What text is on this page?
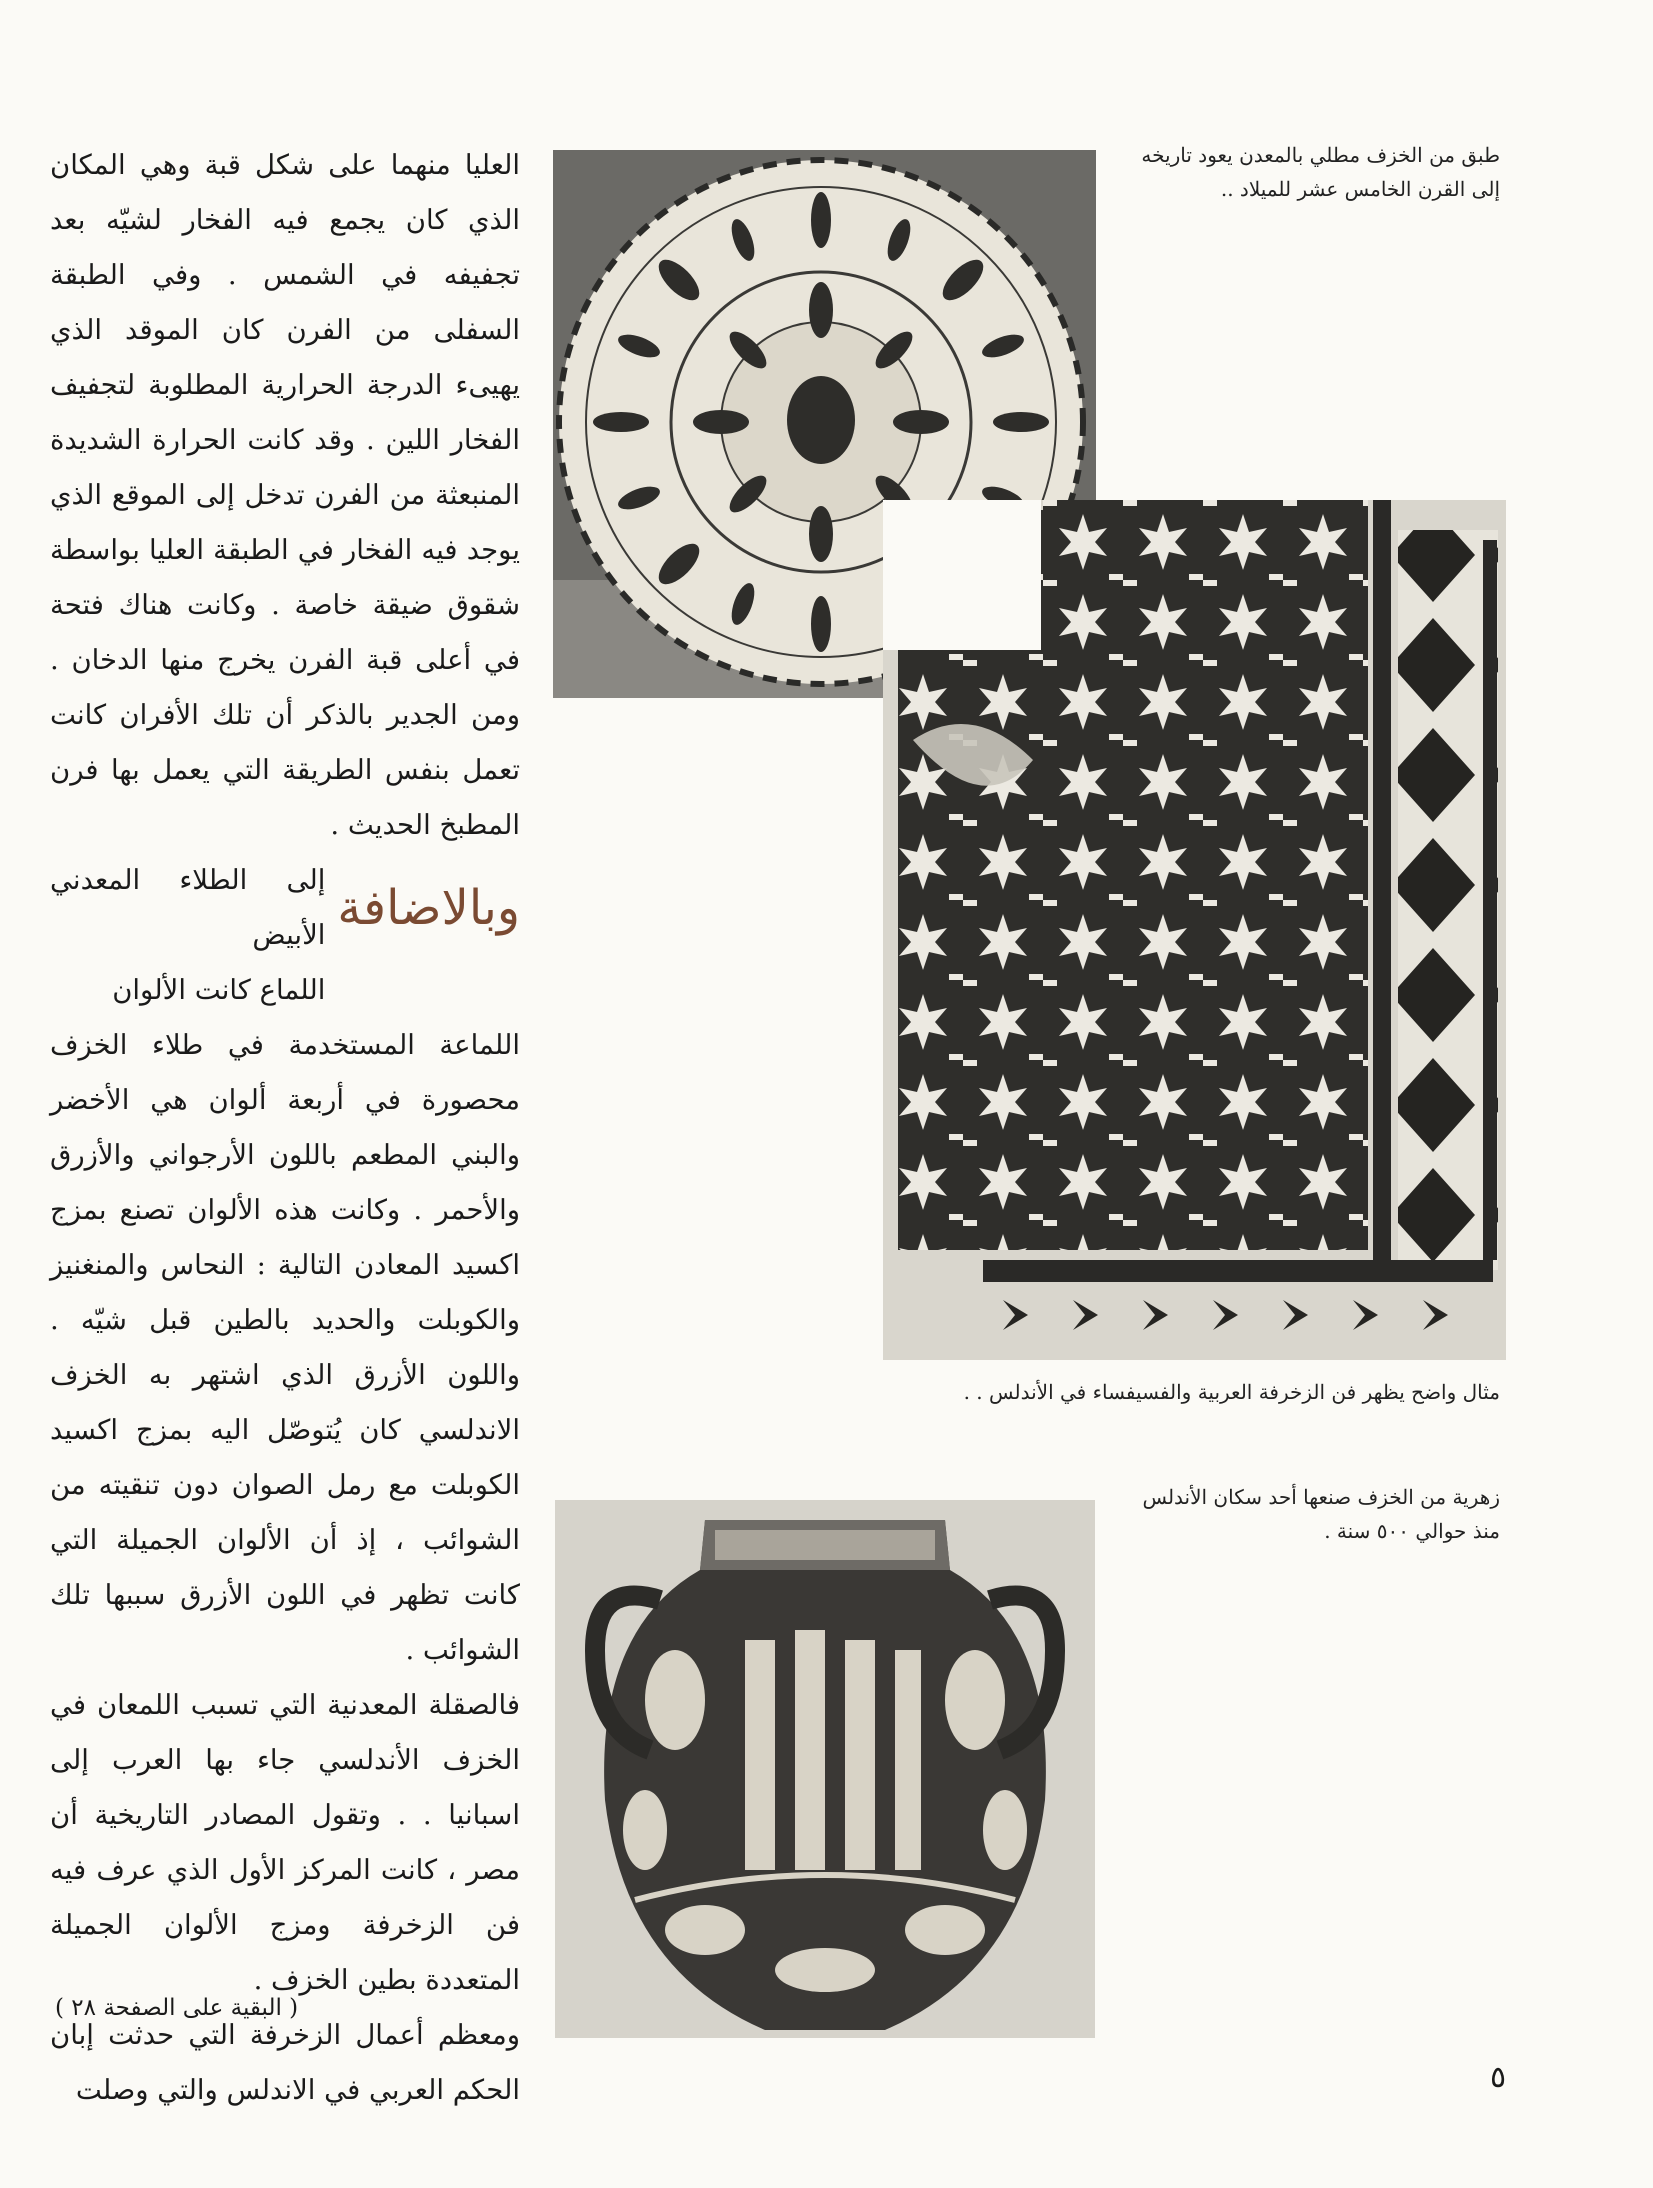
طبق من الخزف مطلي بالمعدن يعود تاريخه إلى القرن الخامس عشر للميلاد ..
مثال واضح يظهر فن الزخرفة العربية والفسيفساء في الأندلس . .
زهرية من الخزف صنعها أحد سكان الأندلس منذ حوالي ٥٠٠ سنة .

العليا منهما على شكل قبة وهي المكان الذي كان يجمع فيه الفخار لشيّه بعد تجفيفه في الشمس . وفي الطبقة السفلى من الفرن كان الموقد الذي يهيىء الدرجة الحرارية المطلوبة لتجفيف الفخار اللين . وقد كانت الحرارة الشديدة المنبعثة من الفرن تدخل إلى الموقع الذي يوجد فيه الفخار في الطبقة العليا بواسطة شقوق ضيقة خاصة . وكانت هناك فتحة في أعلى قبة الفرن يخرج منها الدخان . ومن الجدير بالذكر أن تلك الأفران كانت تعمل بنفس الطريقة التي يعمل بها فرن المطبخ الحديث .

وبالاضافة
إلى الطلاء المعدني الأبيض
اللماع كانت الألوان

اللماعة المستخدمة في طلاء الخزف محصورة في أربعة ألوان هي الأخضر والبني المطعم باللون الأرجواني والأزرق والأحمر . وكانت هذه الألوان تصنع بمزج اكسيد المعادن التالية : النحاس والمنغنيز والكوبلت والحديد بالطين قبل شيّه . واللون الأزرق الذي اشتهر به الخزف الاندلسي كان يُتوصّل اليه بمزج اكسيد الكوبلت مع رمل الصوان دون تنقيته من الشوائب ، إذ أن الألوان الجميلة التي كانت تظهر في اللون الأزرق سببها تلك الشوائب .

فالصقلة المعدنية التي تسبب اللمعان في الخزف الأندلسي جاء بها العرب إلى اسبانيا . . وتقول المصادر التاريخية أن مصر ، كانت المركز الأول الذي عرف فيه فن الزخرفة ومزج الألوان الجميلة المتعددة بطين الخزف .

ومعظم أعمال الزخرفة التي حدثت إبان الحكم العربي في الاندلس والتي وصلت

( البقية على الصفحة ٢٨ )
٥
